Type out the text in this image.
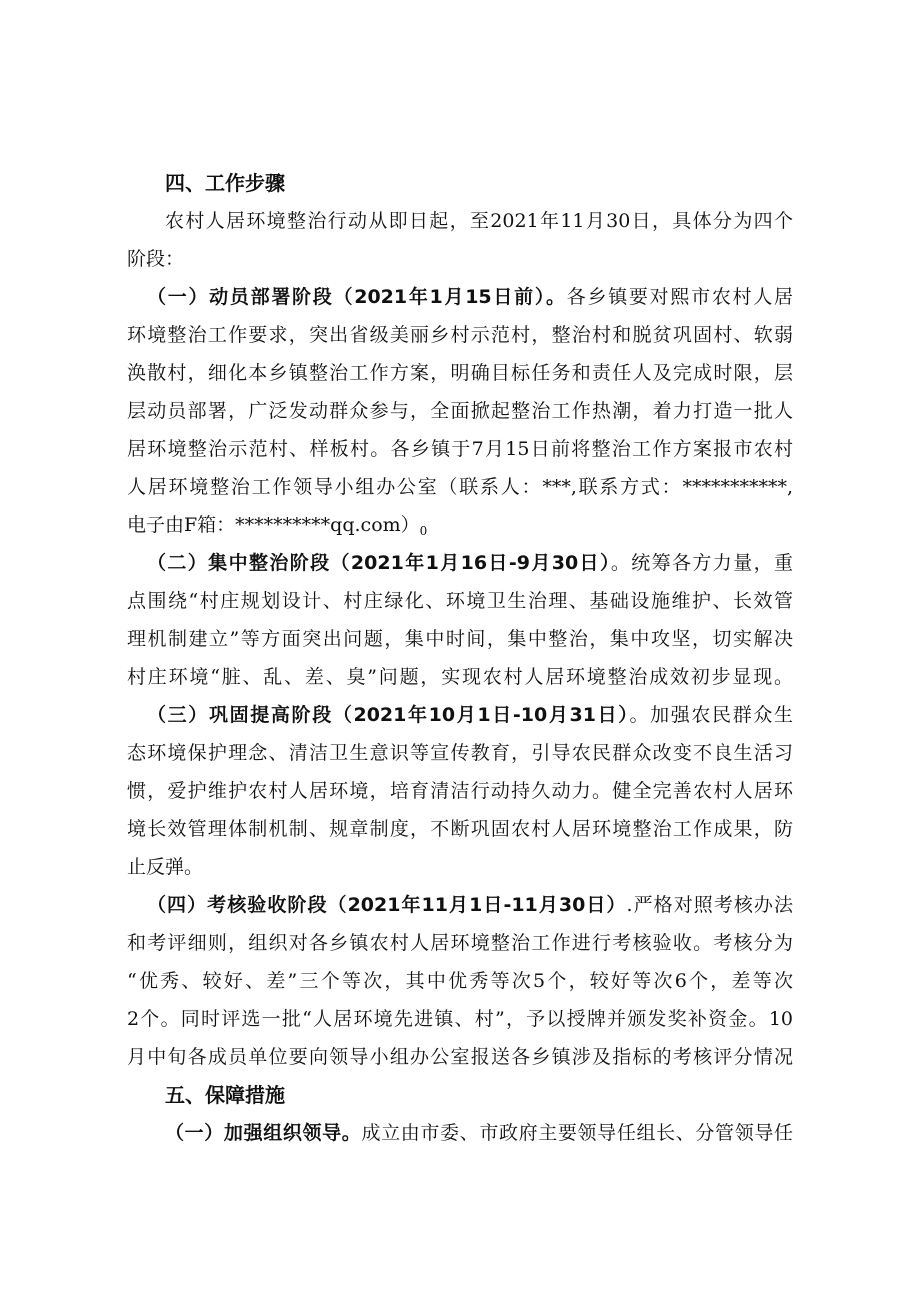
四、工作步骤
农村人居环境整治行动从即日起，至2021年11月30日，具体分为四个
阶段：
（一）动员部署阶段（2021年1月15日前）。各乡镇要对熙市农村人居
环境整治工作要求，突出省级美丽乡村示范村，整治村和脱贫巩固村、软弱
涣散村，细化本乡镇整治工作方案，明确目标任务和责任人及完成时限，层
层动员部署，广泛发动群众参与，全面掀起整治工作热潮，着力打造一批人
居环境整治示范村、样板村。各乡镇于7月15日前将整治工作方案报市农村
人居环境整治工作领导小组办公室（联系人：***,联系方式：***********,
电子由F箱：$**********qq.com)_0$
（二）集中整治阶段（2021年1月16日-9月30日）。统筹各方力量，重
点围绕“村庄规划设计、村庄绿化、环境卫生治理、基础设施维护、长效管
理机制建立”等方面突出问题，集中时间，集中整治，集中攻坚，切实解决
村庄环境“脏、乱、差、臭”问题，实现农村人居环境整治成效初步显现。
（三）巩固提高阶段（2021年10月1日-10月31日）。加强农民群众生
态环境保护理念、清洁卫生意识等宣传教育，引导农民群众改变不良生活习
惯，爱护维护农村人居环境，培育清洁行动持久动力。健全完善农村人居环
境长效管理体制机制、规章制度，不断巩固农村人居环境整治工作成果，防
止反弹。
（四）考核验收阶段（2021年11月1日-11月30日）.严格对照考核办法
和考评细则，组织对各乡镇农村人居环境整治工作进行考核验收。考核分为
“优秀、较好、差”三个等次，其中优秀等次5个，较好等次6个，差等次
2个。同时评选一批“人居环境先进镇、村”，予以授牌并颁发奖补资金。10
月中旬各成员单位要向领导小组办公室报送各乡镇涉及指标的考核评分情况
五、保障措施
（一）加强组织领导。成立由市委、市政府主要领导任组长、分管领导任
